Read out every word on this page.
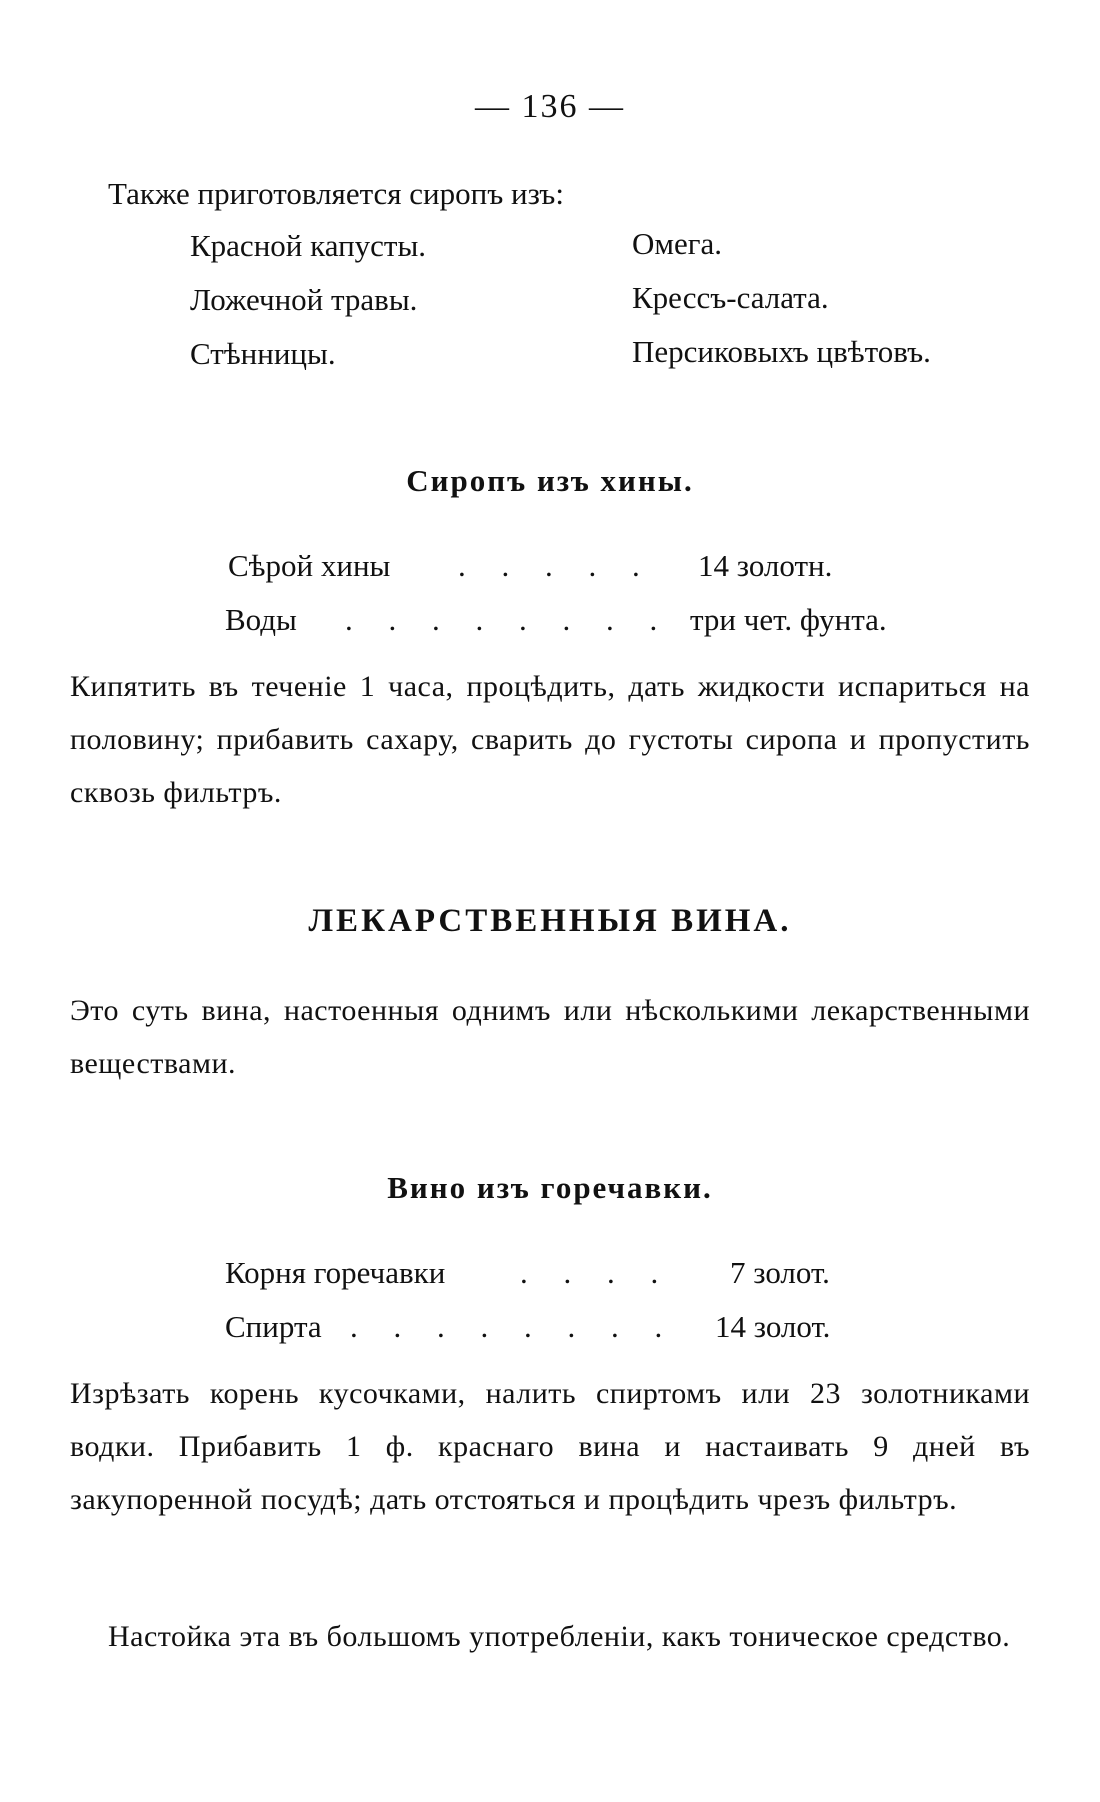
— 136 —
Также приготовляется сиропъ изъ:
Красной капусты.	Омега.
Ложечной травы.	Крессъ-салата.
Стѣнницы.	Персиковыхъ цвѣтовъ.
Сиропъ изъ хины.
Сѣрой хины . . . . . 14 золотн.
Воды . . . . . . . . три чет. фунта.
Кипятить въ теченіе 1 часа, процѣдить, дать жидкости испариться на половину; прибавить сахару, сварить до густоты сиропа и пропустить сквозь фильтръ.
ЛЕКАРСТВЕННЫЯ ВИНА.
Это суть вина, настоенныя однимъ или нѣсколькими лекарственными веществами.
Вино изъ горечавки.
Корня горечавки . . . . 7 золот.
Спирта . . . . . . . . 14 золот.
Изрѣзать корень кусочками, налить спиртомъ или 23 золотниками водки. Прибавить 1 ф. краснаго вина и настаивать 9 дней въ закупоренной посудѣ; дать отстояться и процѣдить чрезъ фильтръ.
Настойка эта въ большомъ употребленіи, какъ тоническое средство.
